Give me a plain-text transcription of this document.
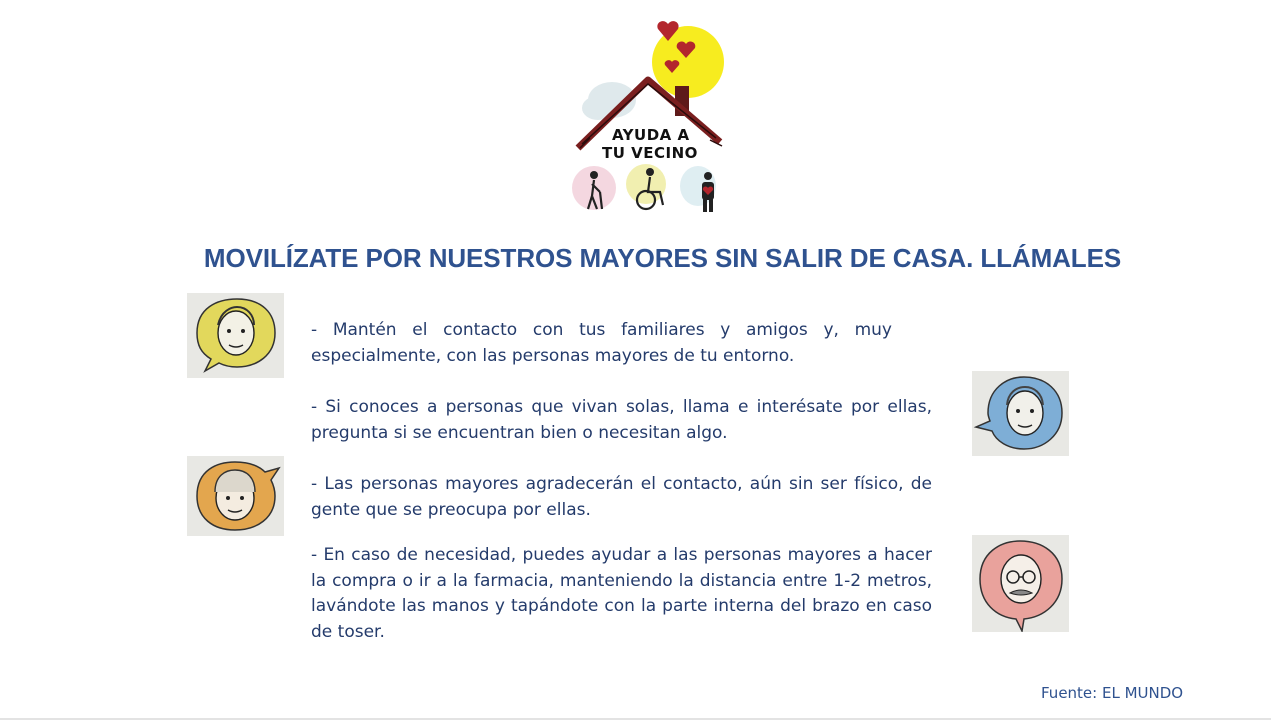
AYUDA A
TU VECINO
MOVILÍZATE POR NUESTROS MAYORES SIN SALIR DE CASA. LLÁMALES
- Mantén el contacto con tus familiares y amigos y, muy especialmente, con las personas mayores de tu entorno.
- Si conoces a personas que vivan solas, llama e interésate por ellas, pregunta si se encuentran bien o necesitan algo.
- Las personas mayores agradecerán el contacto, aún sin ser físico, de gente que se preocupa por ellas.
- En caso de necesidad, puedes ayudar a las personas mayores a hacer la compra o ir a la farmacia, manteniendo la distancia entre 1-2 metros, lavándote las manos y tapándote con la parte interna del brazo en caso de toser.
Fuente: EL MUNDO
